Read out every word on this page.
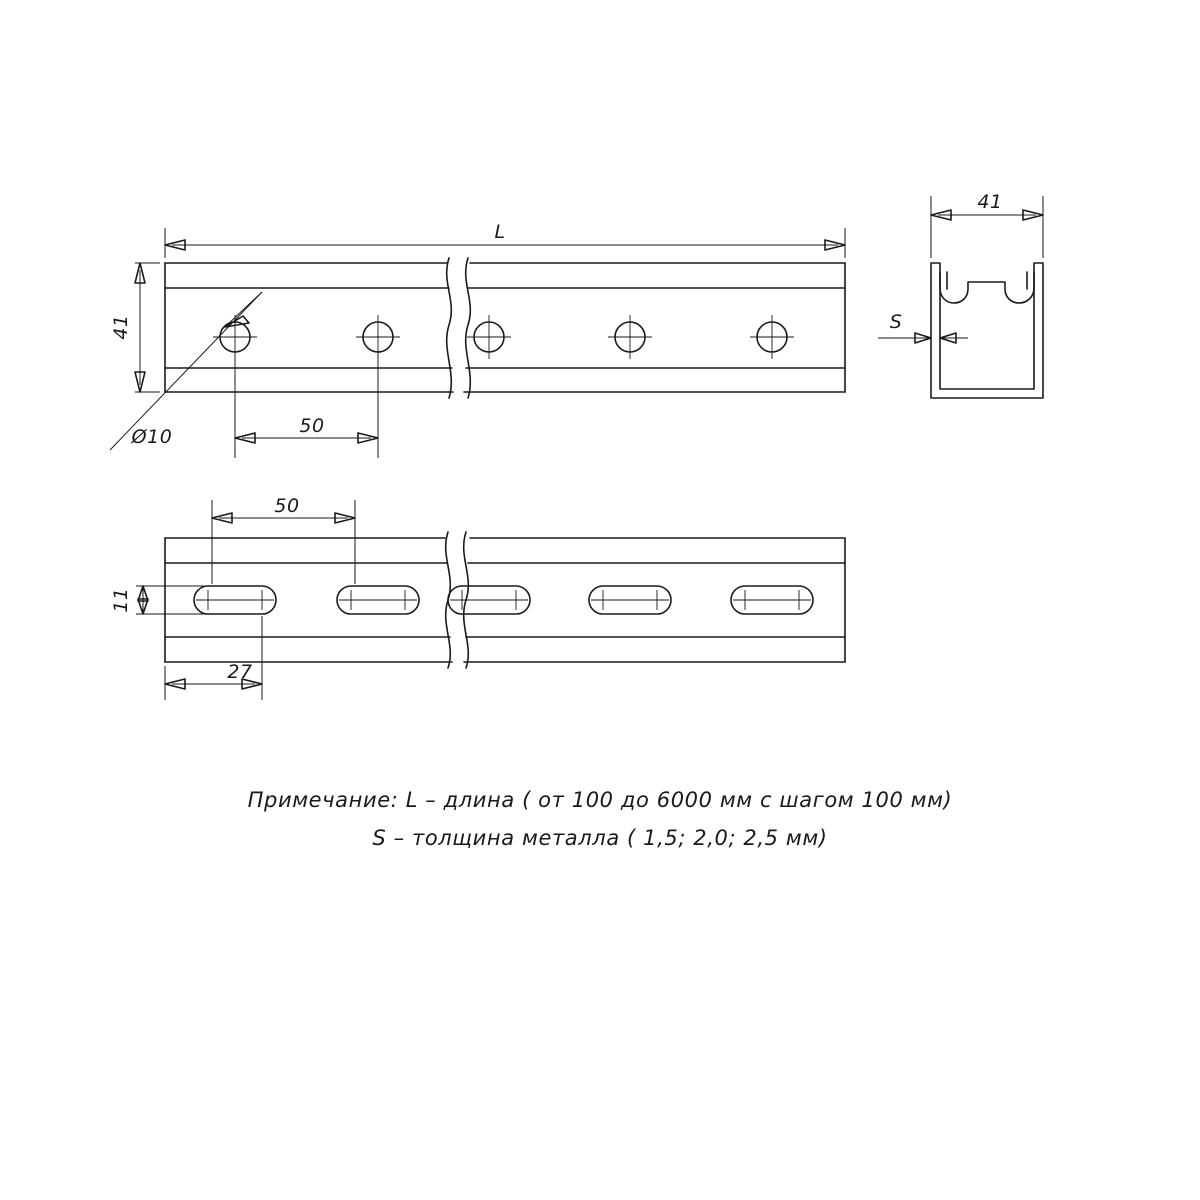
L
41
Ø10	50
41
S
50
11
27
Примечание: L – длина ( от 100 до 6000 мм с шагом 100 мм)
S – толщина металла ( 1,5; 2,0; 2,5 мм)
